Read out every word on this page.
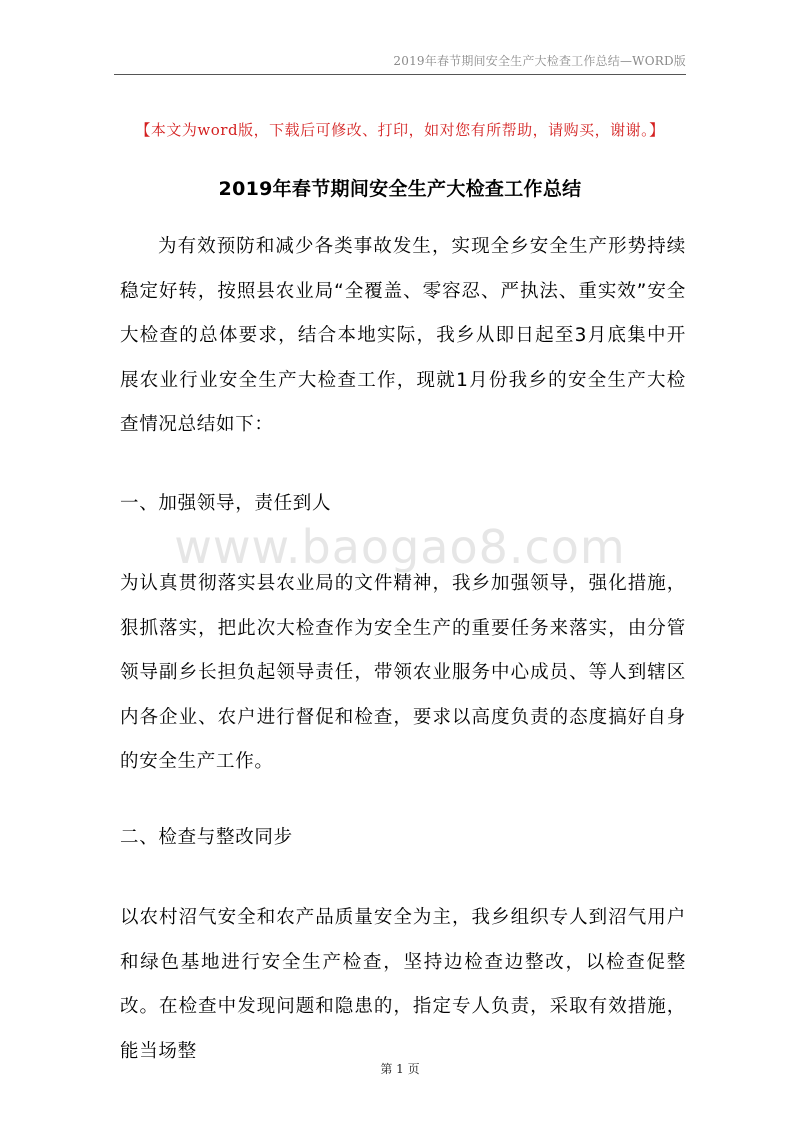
2019年春节期间安全生产大检查工作总结—WORD版
【本文为word版，下载后可修改、打印，如对您有所帮助，请购买，谢谢。】
2019年春节期间安全生产大检查工作总结

为有效预防和减少各类事故发生，实现全乡安全生产形势持续稳定好转，按照县农业局“全覆盖、零容忍、严执法、重实效”安全大检查的总体要求，结合本地实际，我乡从即日起至3月底集中开展农业行业安全生产大检查工作，现就1月份我乡的安全生产大检查情况总结如下：

一、加强领导，责任到人

www.baogao8.com

为认真贯彻落实县农业局的文件精神，我乡加强领导，强化措施，狠抓落实，把此次大检查作为安全生产的重要任务来落实，由分管领导副乡长担负起领导责任，带领农业服务中心成员、等人到辖区内各企业、农户进行督促和检查，要求以高度负责的态度搞好自身的安全生产工作。

二、检查与整改同步

以农村沼气安全和农产品质量安全为主，我乡组织专人到沼气用户和绿色基地进行安全生产检查，坚持边检查边整改，以检查促整改。在检查中发现问题和隐患的，指定专人负责，采取有效措施，能当场整

第 1 页
